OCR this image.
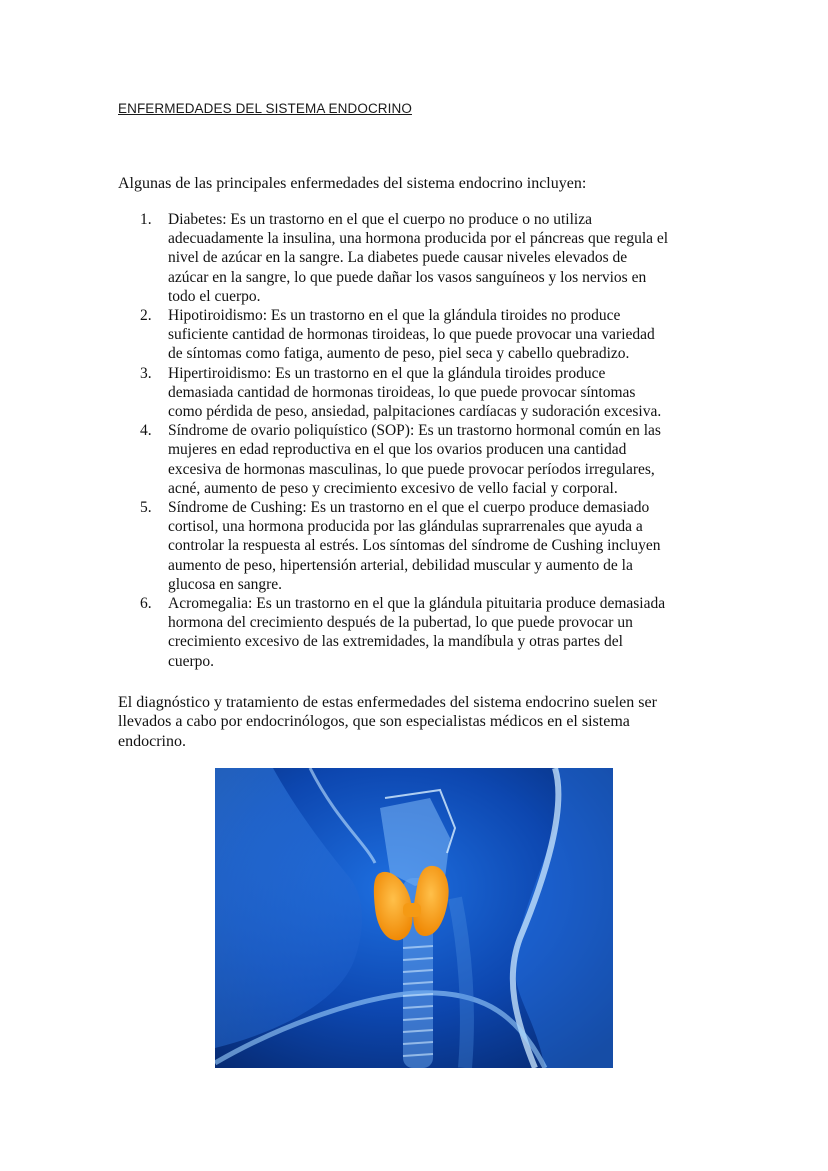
ENFERMEDADES DEL SISTEMA ENDOCRINO
Algunas de las principales enfermedades del sistema endocrino incluyen:
1. Diabetes: Es un trastorno en el que el cuerpo no produce o no utiliza
adecuadamente la insulina, una hormona producida por el páncreas que regula el
nivel de azúcar en la sangre. La diabetes puede causar niveles elevados de
azúcar en la sangre, lo que puede dañar los vasos sanguíneos y los nervios en
todo el cuerpo.
2. Hipotiroidismo: Es un trastorno en el que la glándula tiroides no produce
suficiente cantidad de hormonas tiroideas, lo que puede provocar una variedad
de síntomas como fatiga, aumento de peso, piel seca y cabello quebradizo.
3. Hipertiroidismo: Es un trastorno en el que la glándula tiroides produce
demasiada cantidad de hormonas tiroideas, lo que puede provocar síntomas
como pérdida de peso, ansiedad, palpitaciones cardíacas y sudoración excesiva.
4. Síndrome de ovario poliquístico (SOP): Es un trastorno hormonal común en las
mujeres en edad reproductiva en el que los ovarios producen una cantidad
excesiva de hormonas masculinas, lo que puede provocar períodos irregulares,
acné, aumento de peso y crecimiento excesivo de vello facial y corporal.
5. Síndrome de Cushing: Es un trastorno en el que el cuerpo produce demasiado
cortisol, una hormona producida por las glándulas suprarrenales que ayuda a
controlar la respuesta al estrés. Los síntomas del síndrome de Cushing incluyen
aumento de peso, hipertensión arterial, debilidad muscular y aumento de la
glucosa en sangre.
6. Acromegalia: Es un trastorno en el que la glándula pituitaria produce demasiada
hormona del crecimiento después de la pubertad, lo que puede provocar un
crecimiento excesivo de las extremidades, la mandíbula y otras partes del
cuerpo.
El diagnóstico y tratamiento de estas enfermedades del sistema endocrino suelen ser
llevados a cabo por endocrinólogos, que son especialistas médicos en el sistema
endocrino.
